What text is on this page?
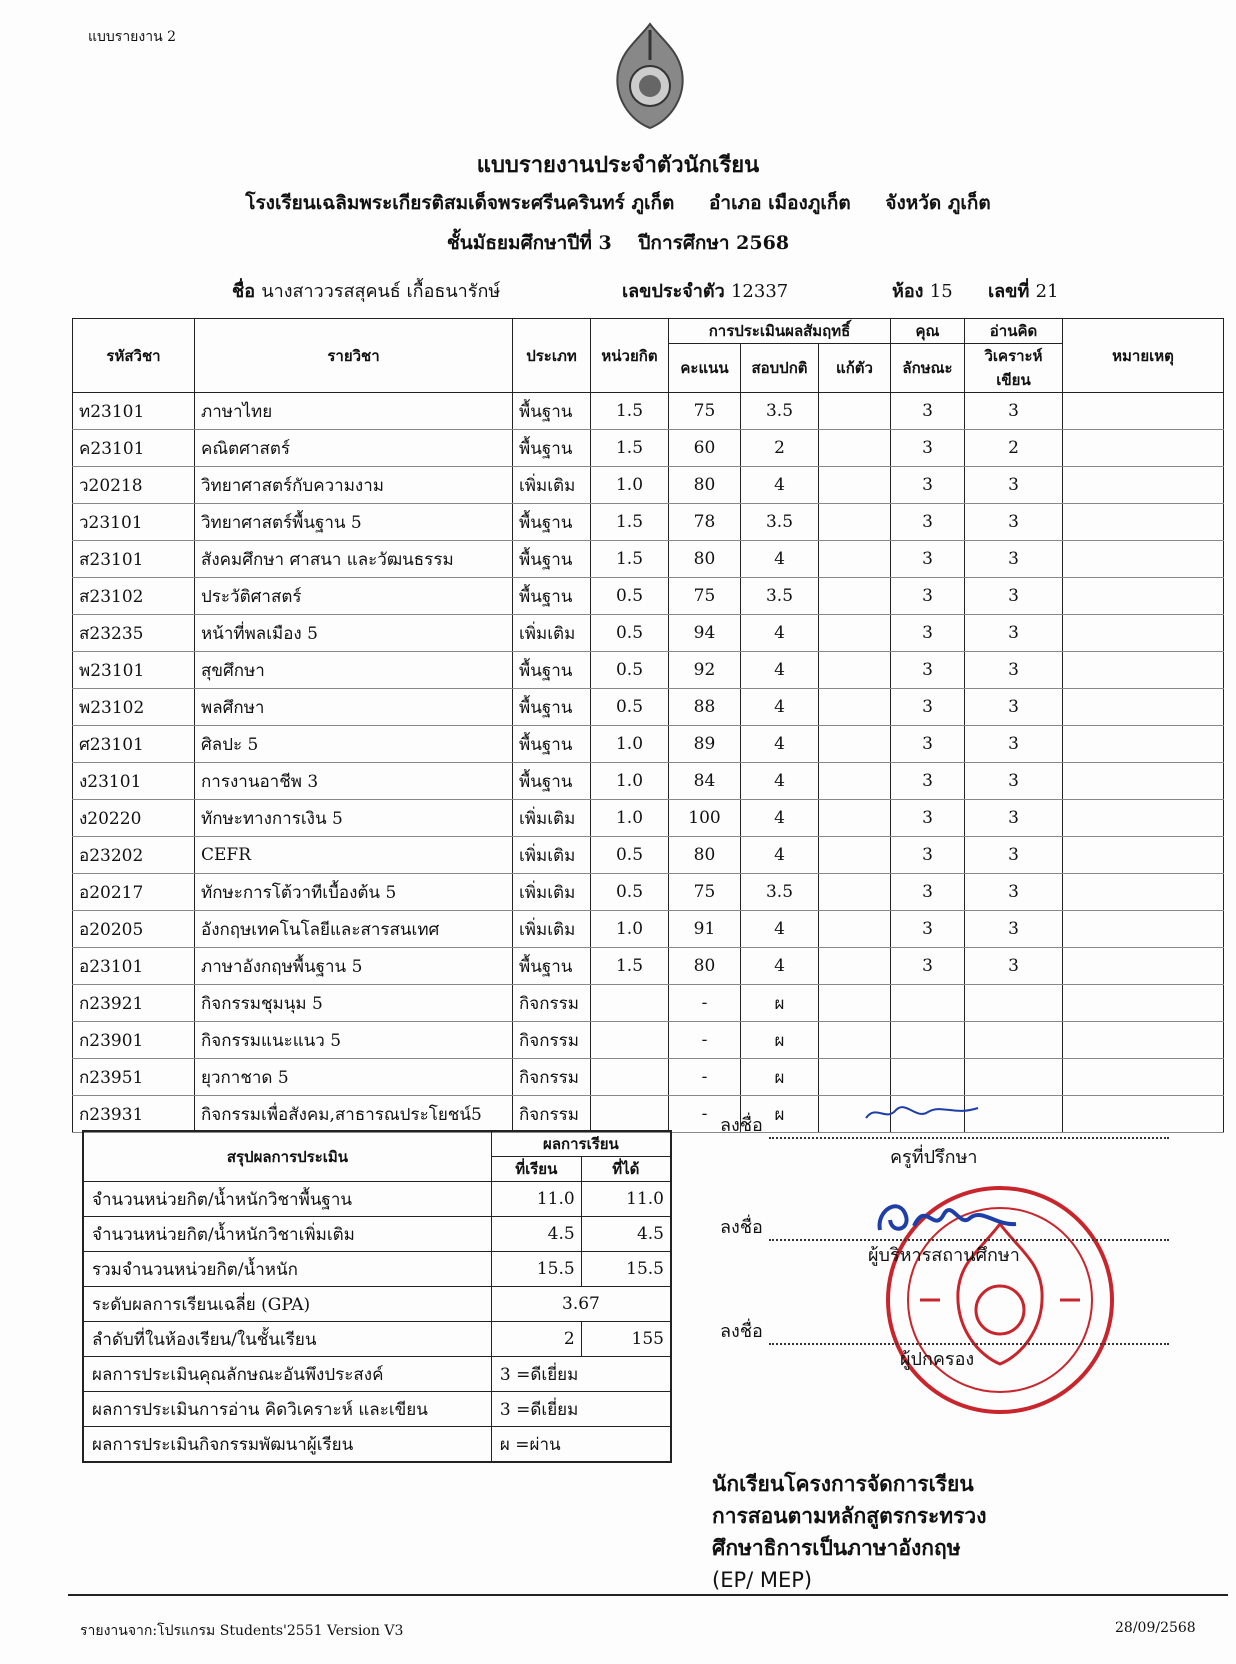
แบบรายงาน 2
แบบรายงานประจำตัวนักเรียน
โรงเรียนเฉลิมพระเกียรติสมเด็จพระศรีนครินทร์ ภูเก็ต อำเภอ เมืองภูเก็ต จังหวัด ภูเก็ต
ชั้นมัธยมศึกษาปีที่ 3 ปีการศึกษา 2568
ชื่อ นางสาววรสสุคนธ์ เกื้อธนารักษ์	เลขประจำตัว 12337	ห้อง 15 เลขที่ 21
รหัสวิชา	รายวิชา	ประเภท	หน่วยกิต	การประเมินผลสัมฤทธิ์			คุณ	อ่านคิด	หมายเหตุ
				คะแนน	สอบปกติ	แก้ตัว	ลักษณะ	วิเคราะห์เขียน	
ท23101	ภาษาไทย	พื้นฐาน	1.5	75	3.5		3	3	
ค23101	คณิตศาสตร์	พื้นฐาน	1.5	60	2		3	2	
ว20218	วิทยาศาสตร์กับความงาม	เพิ่มเติม	1.0	80	4		3	3	
ว23101	วิทยาศาสตร์พื้นฐาน 5	พื้นฐาน	1.5	78	3.5		3	3	
ส23101	สังคมศึกษา ศาสนา และวัฒนธรรม	พื้นฐาน	1.5	80	4		3	3	
ส23102	ประวัติศาสตร์	พื้นฐาน	0.5	75	3.5		3	3	
ส23235	หน้าที่พลเมือง 5	เพิ่มเติม	0.5	94	4		3	3	
พ23101	สุขศึกษา	พื้นฐาน	0.5	92	4		3	3	
พ23102	พลศึกษา	พื้นฐาน	0.5	88	4		3	3	
ศ23101	ศิลปะ 5	พื้นฐาน	1.0	89	4		3	3	
ง23101	การงานอาชีพ 3	พื้นฐาน	1.0	84	4		3	3	
ง20220	ทักษะทางการเงิน 5	เพิ่มเติม	1.0	100	4		3	3	
อ23202	CEFR	เพิ่มเติม	0.5	80	4		3	3	
อ20217	ทักษะการโต้วาทีเบื้องต้น 5	เพิ่มเติม	0.5	75	3.5		3	3	
อ20205	อังกฤษเทคโนโลยีและสารสนเทศ	เพิ่มเติม	1.0	91	4		3	3	
อ23101	ภาษาอังกฤษพื้นฐาน 5	พื้นฐาน	1.5	80	4		3	3	
ก23921	กิจกรรมชุมนุม 5	กิจกรรม		-	ผ				
ก23901	กิจกรรมแนะแนว 5	กิจกรรม		-	ผ				
ก23951	ยุวกาชาด 5	กิจกรรม		-	ผ				
ก23931	กิจกรรมเพื่อสังคม,สาธารณประโยชน์5	กิจกรรม		-	ผ				
สรุปผลการประเมิน	ผลการเรียน	
	ที่เรียน	ที่ได้
จำนวนหน่วยกิต/น้ำหนักวิชาพื้นฐาน	11.0	11.0
จำนวนหน่วยกิต/น้ำหนักวิชาเพิ่มเติม	4.5	4.5
รวมจำนวนหน่วยกิต/น้ำหนัก	15.5	15.5
ระดับผลการเรียนเฉลี่ย (GPA)	3.67	
ลำดับที่ในห้องเรียน/ในชั้นเรียน	2	155
ผลการประเมินคุณลักษณะอันพึงประสงค์	3 =ดีเยี่ยม	
ผลการประเมินการอ่าน คิดวิเคราะห์ และเขียน	3 =ดีเยี่ยม	
ผลการประเมินกิจกรรมพัฒนาผู้เรียน	ผ =ผ่าน	
ลงชื่อ
ครูที่ปรึกษา
ลงชื่อ
ผู้บริหารสถานศึกษา
ลงชื่อ
ผู้ปกครอง
นักเรียนโครงการจัดการเรียน
การสอนตามหลักสูตรกระทรวง
ศึกษาธิการเป็นภาษาอังกฤษ
(EP/ MEP)
รายงานจาก:โปรแกรม Students'2551 Version V3	28/09/2568
